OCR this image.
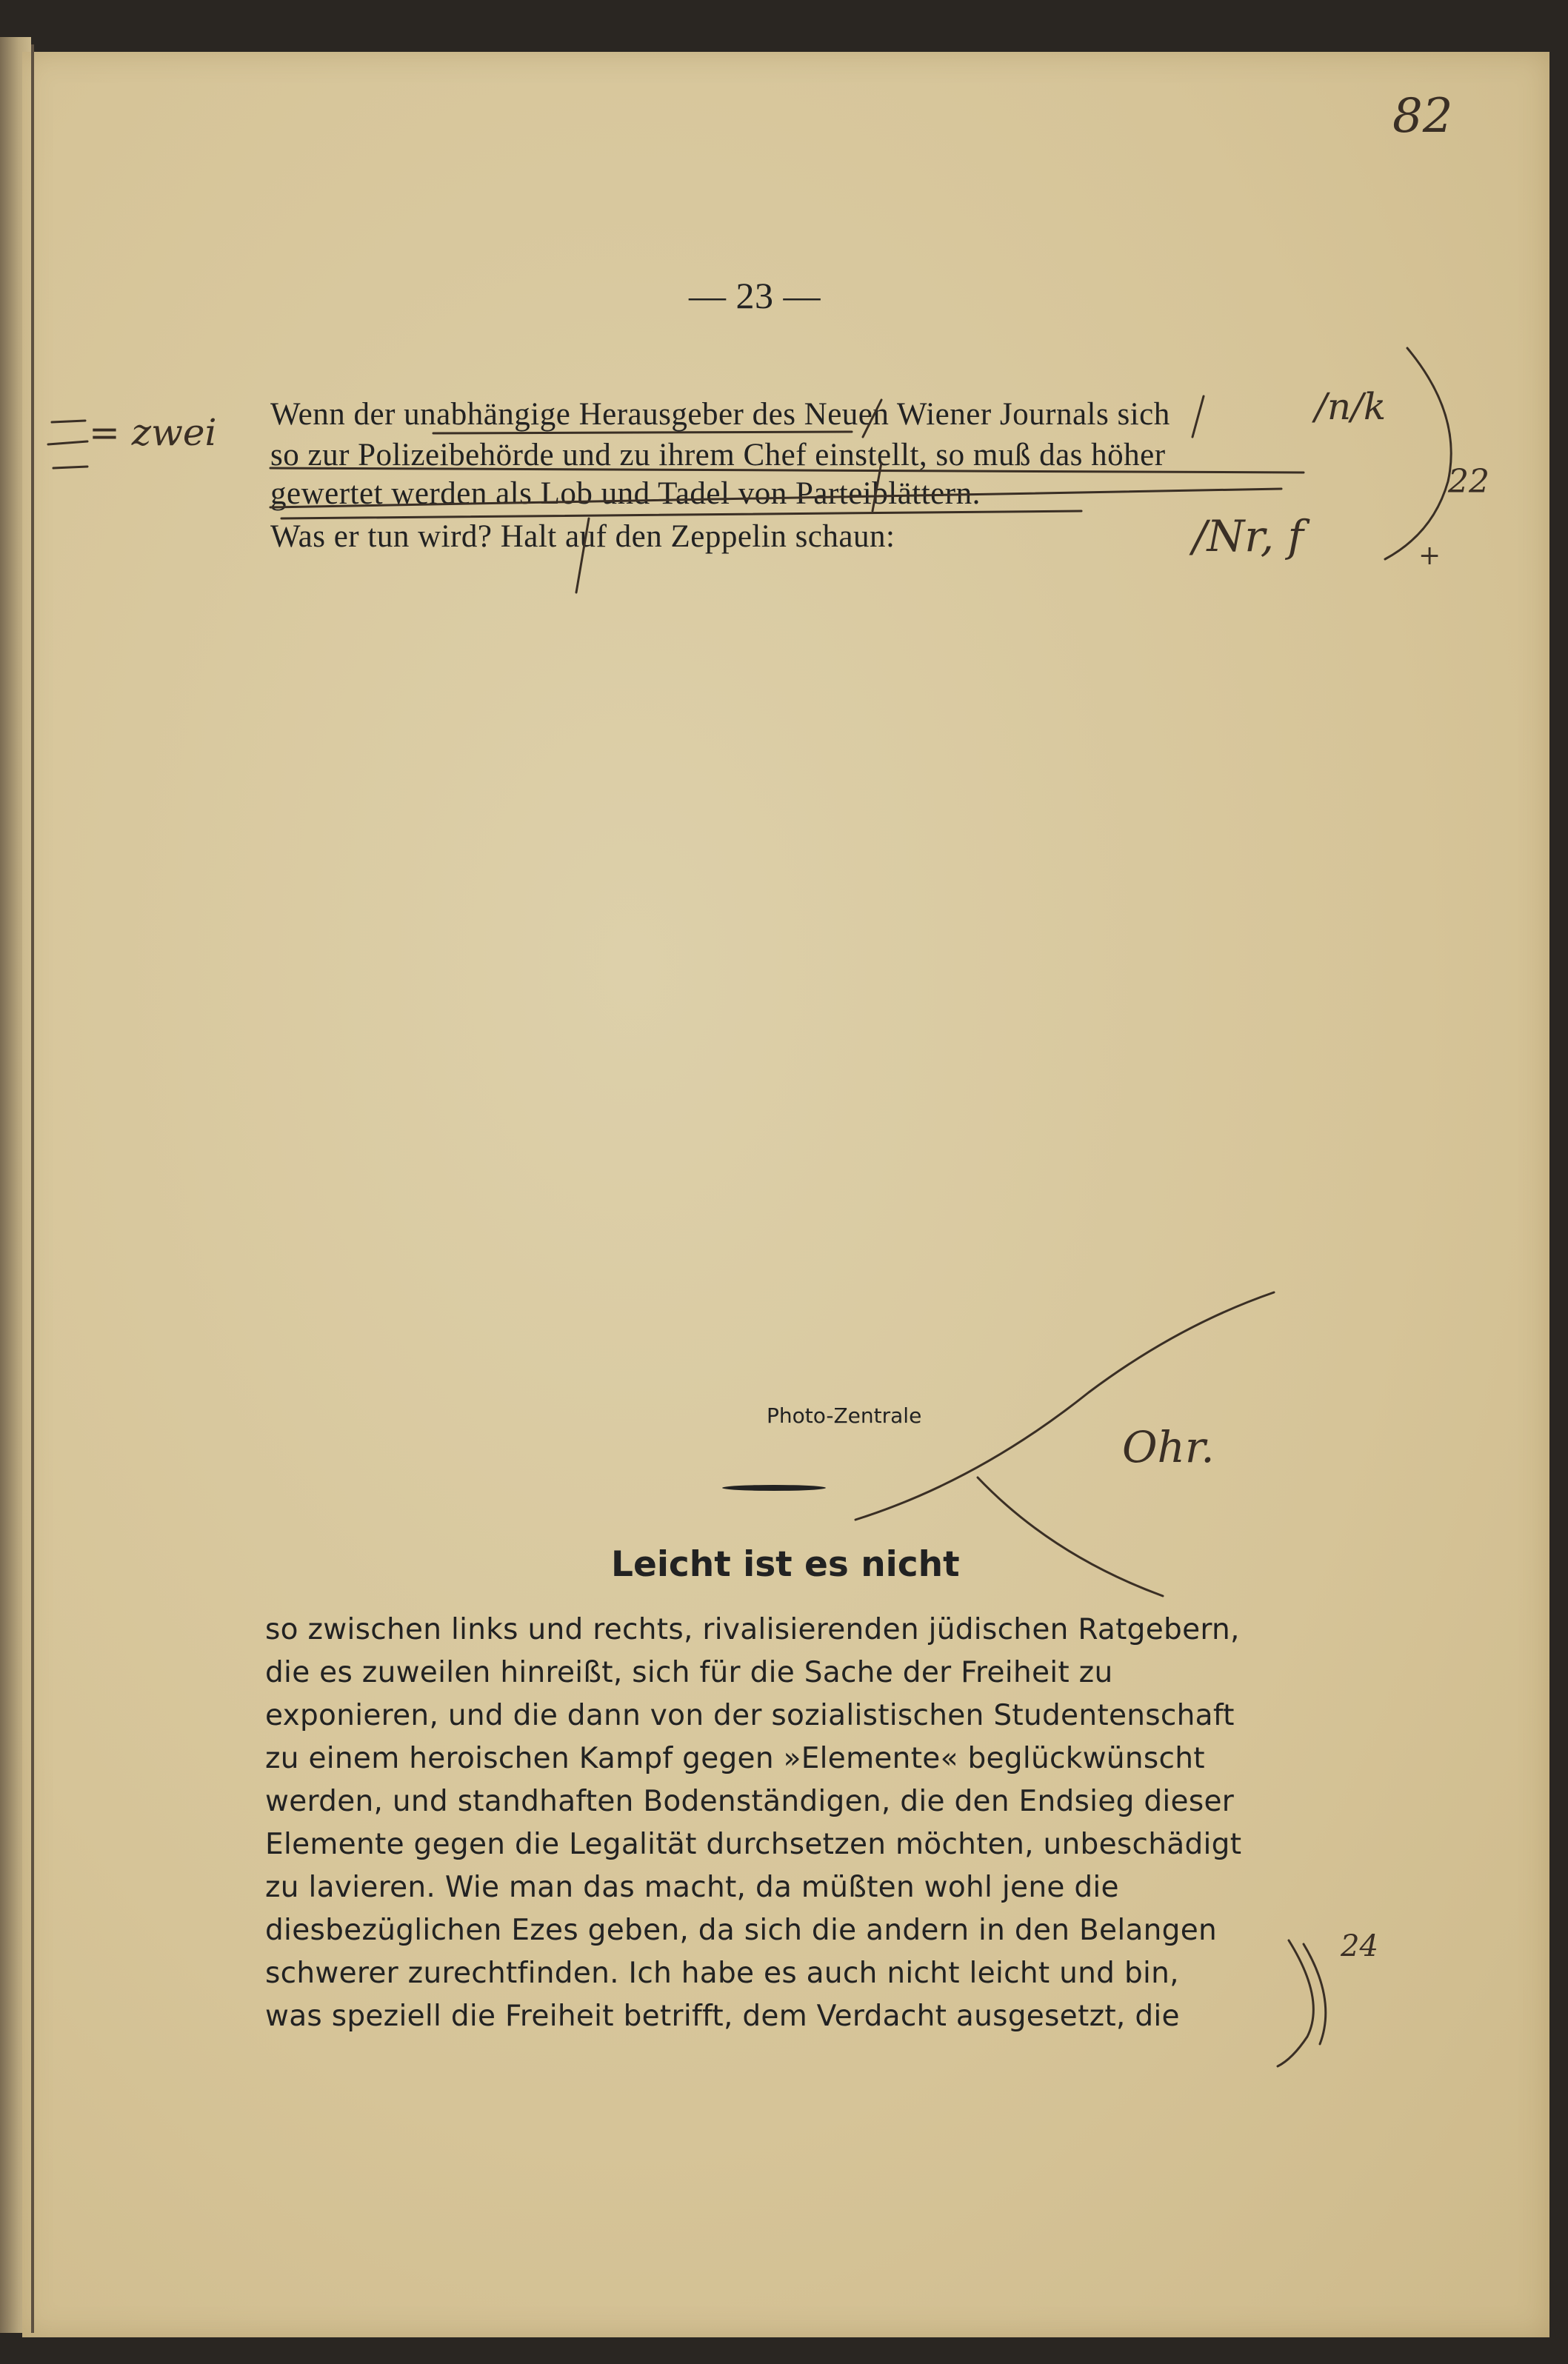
82
— 23 —
Wenn der unabhängige Herausgeber des Neuen Wiener Journals sich
so zur Polizeibehörde und zu ihrem Chef einstellt, so muß das höher
gewertet werden als Lob und Tadel von Parteiblättern.
Was er tun wird? Halt auf den Zeppelin schaun:
= zwei
/n/k
22
/Nr, f	+
Photo-Zentrale
Ohr.
Leicht ist es nicht
so zwischen links und rechts, rivalisierenden jüdischen Ratgebern,
die es zuweilen hinreißt, sich für die Sache der Freiheit zu
exponieren, und die dann von der sozialistischen Studentenschaft
zu einem heroischen Kampf gegen »Elemente« beglückwünscht
werden, und standhaften Bodenständigen, die den Endsieg dieser
Elemente gegen die Legalität durchsetzen möchten, unbeschädigt
zu lavieren. Wie man das macht, da müßten wohl jene die
diesbezüglichen Ezes geben, da sich die andern in den Belangen
schwerer zurechtfinden. Ich habe es auch nicht leicht und bin,
was speziell die Freiheit betrifft, dem Verdacht ausgesetzt, die
24
